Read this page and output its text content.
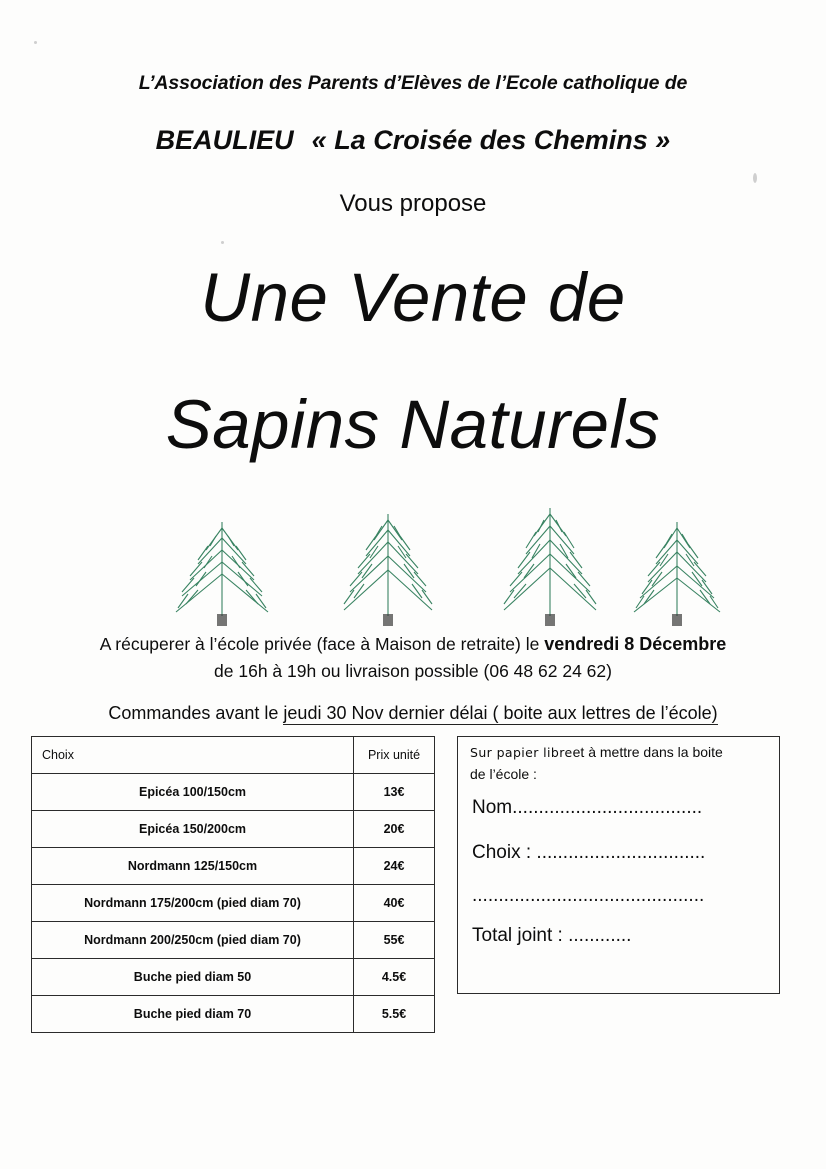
L’Association des Parents d’Elèves de l’Ecole catholique de
BEAULIEU « La Croisée des Chemins »
Vous propose
Une Vente de
Sapins Naturels
A récuperer à l’école privée (face à Maison de retraite) le vendredi 8 Décembre
de 16h à 19h ou livraison possible (06 48 62 24 62)
Commandes avant le jeudi 30 Nov dernier délai ( boite aux lettres de l’école)
Choix	Prix unité
Epicéa 100/150cm	13€
Epicéa 150/200cm	20€
Nordmann 125/150cm	24€
Nordmann 175/200cm (pied diam 70)	40€
Nordmann 200/250cm (pied diam 70)	55€
Buche pied diam 50	4.5€
Buche pied diam 70	5.5€
Sur papier libreet à mettre dans la boite
de l’école :
Nom....................................
Choix : ................................
............................................
Total joint : ............
